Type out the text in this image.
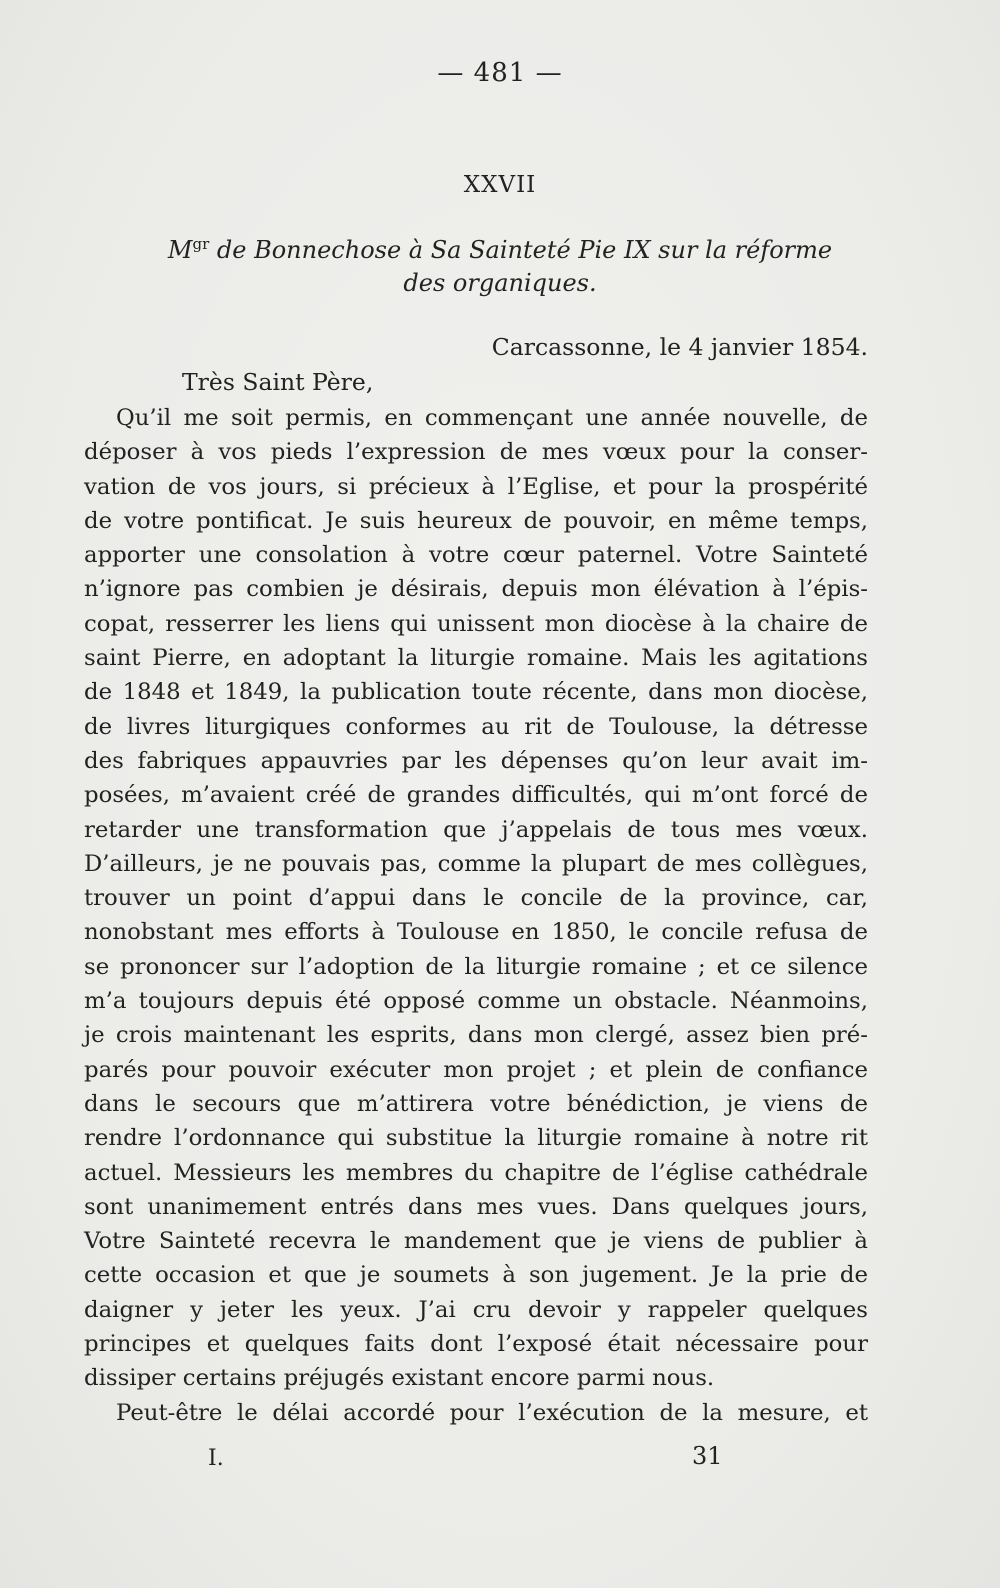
— 481 —
XXVII
$M^{gr}$ de Bonnechose à Sa Sainteté Pie IX sur la réforme
des organiques.
Carcassonne, le 4 janvier 1854.
Très Saint Père,
Qu’il me soit permis, en commençant une année nouvelle, de
déposer à vos pieds l’expression de mes vœux pour la conser-
vation de vos jours, si précieux à l’Eglise, et pour la prospérité
de votre pontificat. Je suis heureux de pouvoir, en même temps,
apporter une consolation à votre cœur paternel. Votre Sainteté
n’ignore pas combien je désirais, depuis mon élévation à l’épis-
copat, resserrer les liens qui unissent mon diocèse à la chaire de
saint Pierre, en adoptant la liturgie romaine. Mais les agitations
de 1848 et 1849, la publication toute récente, dans mon diocèse,
de livres liturgiques conformes au rit de Toulouse, la détresse
des fabriques appauvries par les dépenses qu’on leur avait im-
posées, m’avaient créé de grandes difficultés, qui m’ont forcé de
retarder une transformation que j’appelais de tous mes vœux.
D’ailleurs, je ne pouvais pas, comme la plupart de mes collègues,
trouver un point d’appui dans le concile de la province, car,
nonobstant mes efforts à Toulouse en 1850, le concile refusa de
se prononcer sur l’adoption de la liturgie romaine ; et ce silence
m’a toujours depuis été opposé comme un obstacle. Néanmoins,
je crois maintenant les esprits, dans mon clergé, assez bien pré-
parés pour pouvoir exécuter mon projet ; et plein de confiance
dans le secours que m’attirera votre bénédiction, je viens de
rendre l’ordonnance qui substitue la liturgie romaine à notre rit
actuel. Messieurs les membres du chapitre de l’église cathédrale
sont unanimement entrés dans mes vues. Dans quelques jours,
Votre Sainteté recevra le mandement que je viens de publier à
cette occasion et que je soumets à son jugement. Je la prie de
daigner y jeter les yeux. J’ai cru devoir y rappeler quelques
principes et quelques faits dont l’exposé était nécessaire pour
dissiper certains préjugés existant encore parmi nous.
Peut-être le délai accordé pour l’exécution de la mesure, et
I.	31
